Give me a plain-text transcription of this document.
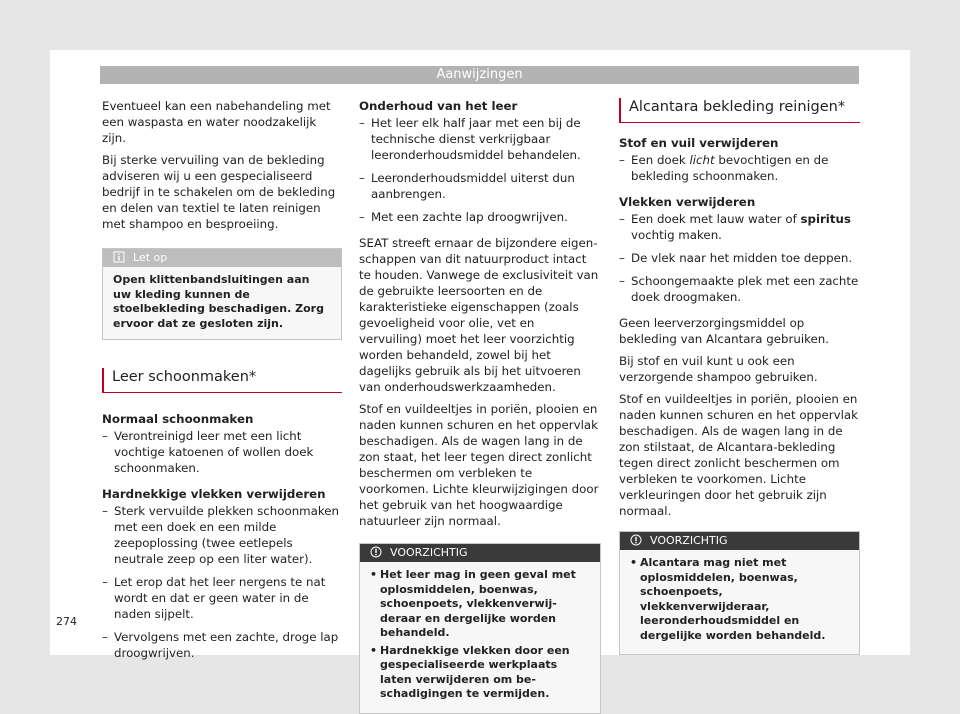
Aanwijzingen

Eventueel kan een nabehandeling met een waspasta en water noodzakelijk zijn.

Bij sterke vervuiling van de bekleding adviseren wij u een gespecialiseerd bedrijf in te schakelen om de bekleding en delen van textiel te laten reinigen met shampoo en besproeiing.

Let op
Open klittenbandsluitingen aan uw kleding kunnen de stoelbekleding beschadigen. Zorg ervoor dat ze gesloten zijn.
Leer schoonmaken*
Normaal schoonmaken
– Verontreinigd leer met een licht vochtige katoenen of wollen doek schoonmaken.
Hardnekkige vlekken verwijderen
– Sterk vervuilde plekken schoonmaken met een doek en een milde zeepoplossing (twee eetlepels neutrale zeep op een liter water).
– Let erop dat het leer nergens te nat wordt en dat er geen water in de naden sijpelt.
– Vervolgens met een zachte, droge lap droogwrijven.
Onderhoud van het leer
– Het leer elk half jaar met een bij de technische dienst verkrijgbaar leeronderhoudsmiddel behandelen.
– Leeronderhoudsmiddel uiterst dun aanbrengen.
– Met een zachte lap droogwrijven.

SEAT streeft ernaar de bijzondere eigenschappen van dit natuurproduct intact te houden. Vanwege de exclusiviteit van de gebruikte leersoorten en de karakteristieke eigenschappen (zoals gevoeligheid voor olie, vet en vervuiling) moet het leer voorzichtig worden behandeld, zowel bij het dagelijks gebruik als bij het uitvoeren van onderhoudswerkzaamheden.

Stof en vuildeeltjes in poriën, plooien en naden kunnen schuren en het oppervlak beschadigen. Als de wagen lang in de zon staat, het leer tegen direct zonlicht beschermen om verbleken te voorkomen. Lichte kleurwijzigingen door het gebruik van het hoogwaardige natuurleer zijn normaal.

VOORZICHTIG
• Het leer mag in geen geval met oplosmiddelen, boenwas, schoenpoets, vlekkenverwijderaar en dergelijke worden behandeld.
• Hardnekkige vlekken door een gespecialiseerde werkplaats laten verwijderen om beschadigingen te vermijden.
Alcantara bekleding reinigen*
Stof en vuil verwijderen
– Een doek licht bevochtigen en de bekleding schoonmaken.
Vlekken verwijderen
– Een doek met lauw water of spiritus vochtig maken.
– De vlek naar het midden toe deppen.
– Schoongemaakte plek met een zachte doek droogmaken.

Geen leerverzorgingsmiddel op bekleding van Alcantara gebruiken.

Bij stof en vuil kunt u ook een verzorgende shampoo gebruiken.

Stof en vuildeeltjes in poriën, plooien en naden kunnen schuren en het oppervlak beschadigen. Als de wagen lang in de zon stilstaat, de Alcantara-bekleding tegen direct zonlicht beschermen om verbleken te voorkomen. Lichte verkleuringen door het gebruik zijn normaal.

VOORZICHTIG
• Alcantara mag niet met oplosmiddelen, boenwas, schoenpoets, vlekkenverwijderaar, leeronderhoudsmiddel en dergelijke worden behandeld.
274
